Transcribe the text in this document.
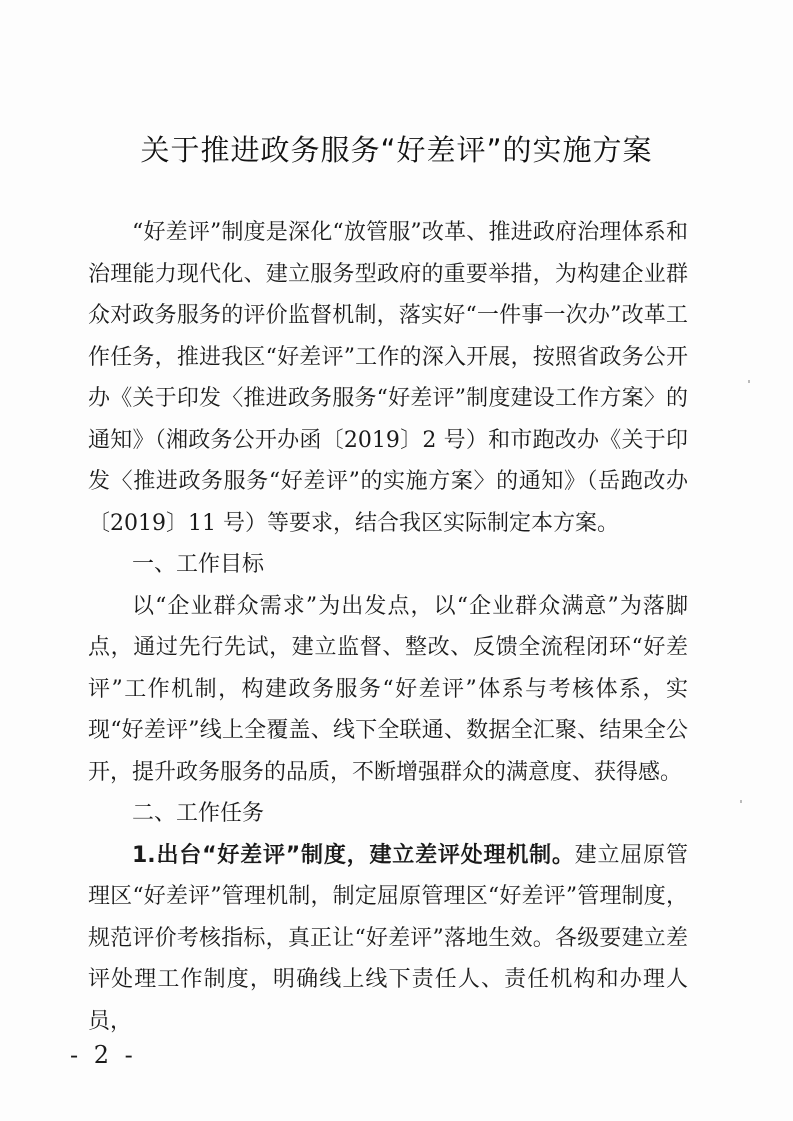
关于推进政务服务“好差评”的实施方案

“好差评”制度是深化“放管服”改革、推进政府治理体系和治理能力现代化、建立服务型政府的重要举措，为构建企业群众对政务服务的评价监督机制，落实好“一件事一次办”改革工作任务，推进我区“好差评”工作的深入开展，按照省政务公开办《关于印发〈推进政务服务“好差评”制度建设工作方案〉的通知》（湘政务公开办函〔2019〕2 号）和市跑改办《关于印发〈推进政务服务“好差评”的实施方案〉的通知》（岳跑改办〔2019〕11 号）等要求，结合我区实际制定本方案。

一、工作目标

以“企业群众需求”为出发点，以“企业群众满意”为落脚点，通过先行先试，建立监督、整改、反馈全流程闭环“好差评”工作机制，构建政务服务“好差评”体系与考核体系，实现“好差评”线上全覆盖、线下全联通、数据全汇聚、结果全公开，提升政务服务的品质，不断增强群众的满意度、获得感。

二、工作任务

1.出台“好差评”制度，建立差评处理机制。建立屈原管理区“好差评”管理机制，制定屈原管理区“好差评”管理制度，规范评价考核指标，真正让“好差评”落地生效。各级要建立差评处理工作制度，明确线上线下责任人、责任机构和办理人员，

- 2 -
